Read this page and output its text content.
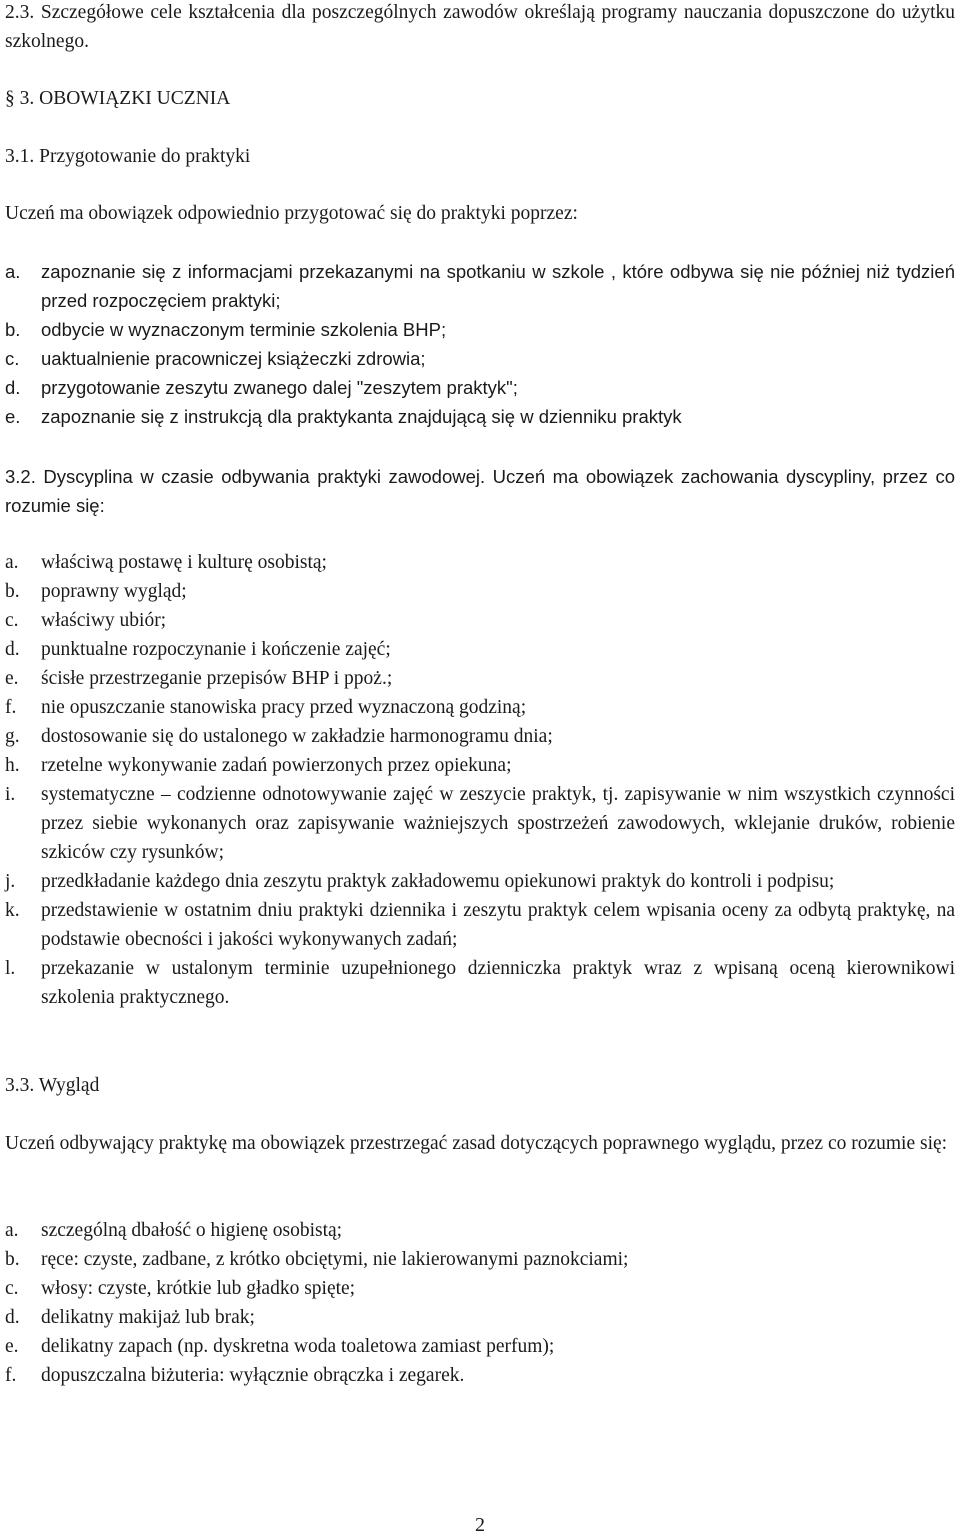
2.3. Szczegółowe cele kształcenia dla poszczególnych zawodów określają programy nauczania dopuszczone do użytku szkolnego.

§ 3. OBOWIĄZKI UCZNIA

3.1. Przygotowanie do praktyki

Uczeń ma obowiązek odpowiednio przygotować się do praktyki poprzez:

a.	zapoznanie się z informacjami przekazanymi na spotkaniu w szkole , które odbywa się nie później niż tydzień przed rozpoczęciem praktyki;
b.	odbycie w wyznaczonym terminie szkolenia BHP;
c.	uaktualnienie pracowniczej książeczki zdrowia;
d.	przygotowanie zeszytu zwanego dalej "zeszytem praktyk";
e.	zapoznanie się z instrukcją dla praktykanta znajdującą się w dzienniku praktyk

3.2. Dyscyplina w czasie odbywania praktyki zawodowej. Uczeń ma obowiązek zachowania dyscypliny, przez co rozumie się:

a.	właściwą postawę i kulturę osobistą;
b.	poprawny wygląd;
c.	właściwy ubiór;
d.	punktualne rozpoczynanie i kończenie zajęć;
e.	ścisłe przestrzeganie przepisów BHP i ppoż.;
f.	nie opuszczanie stanowiska pracy przed wyznaczoną godziną;
g.	dostosowanie się do ustalonego w zakładzie harmonogramu dnia;
h.	rzetelne wykonywanie zadań powierzonych przez opiekuna;
i.	systematyczne – codzienne odnotowywanie zajęć w zeszycie praktyk, tj. zapisywanie w nim wszystkich czynności przez siebie wykonanych oraz zapisywanie ważniejszych spostrzeżeń zawodowych, wklejanie druków, robienie szkiców czy rysunków;
j.	przedkładanie każdego dnia zeszytu praktyk zakładowemu opiekunowi praktyk do kontroli i podpisu;
k.	przedstawienie w ostatnim dniu praktyki dziennika i zeszytu praktyk celem wpisania oceny za odbytą praktykę, na podstawie obecności i jakości wykonywanych zadań;
l.	przekazanie w ustalonym terminie uzupełnionego dzienniczka praktyk wraz z wpisaną oceną kierownikowi szkolenia praktycznego.

3.3. Wygląd

Uczeń odbywający praktykę ma obowiązek przestrzegać zasad dotyczących poprawnego wyglądu, przez co rozumie się:

a.	szczególną dbałość o higienę osobistą;
b.	ręce: czyste, zadbane, z krótko obciętymi, nie lakierowanymi paznokciami;
c.	włosy: czyste, krótkie lub gładko spięte;
d.	delikatny makijaż lub brak;
e.	delikatny zapach (np. dyskretna woda toaletowa zamiast perfum);
f.	dopuszczalna biżuteria: wyłącznie obrączka i zegarek.
2
